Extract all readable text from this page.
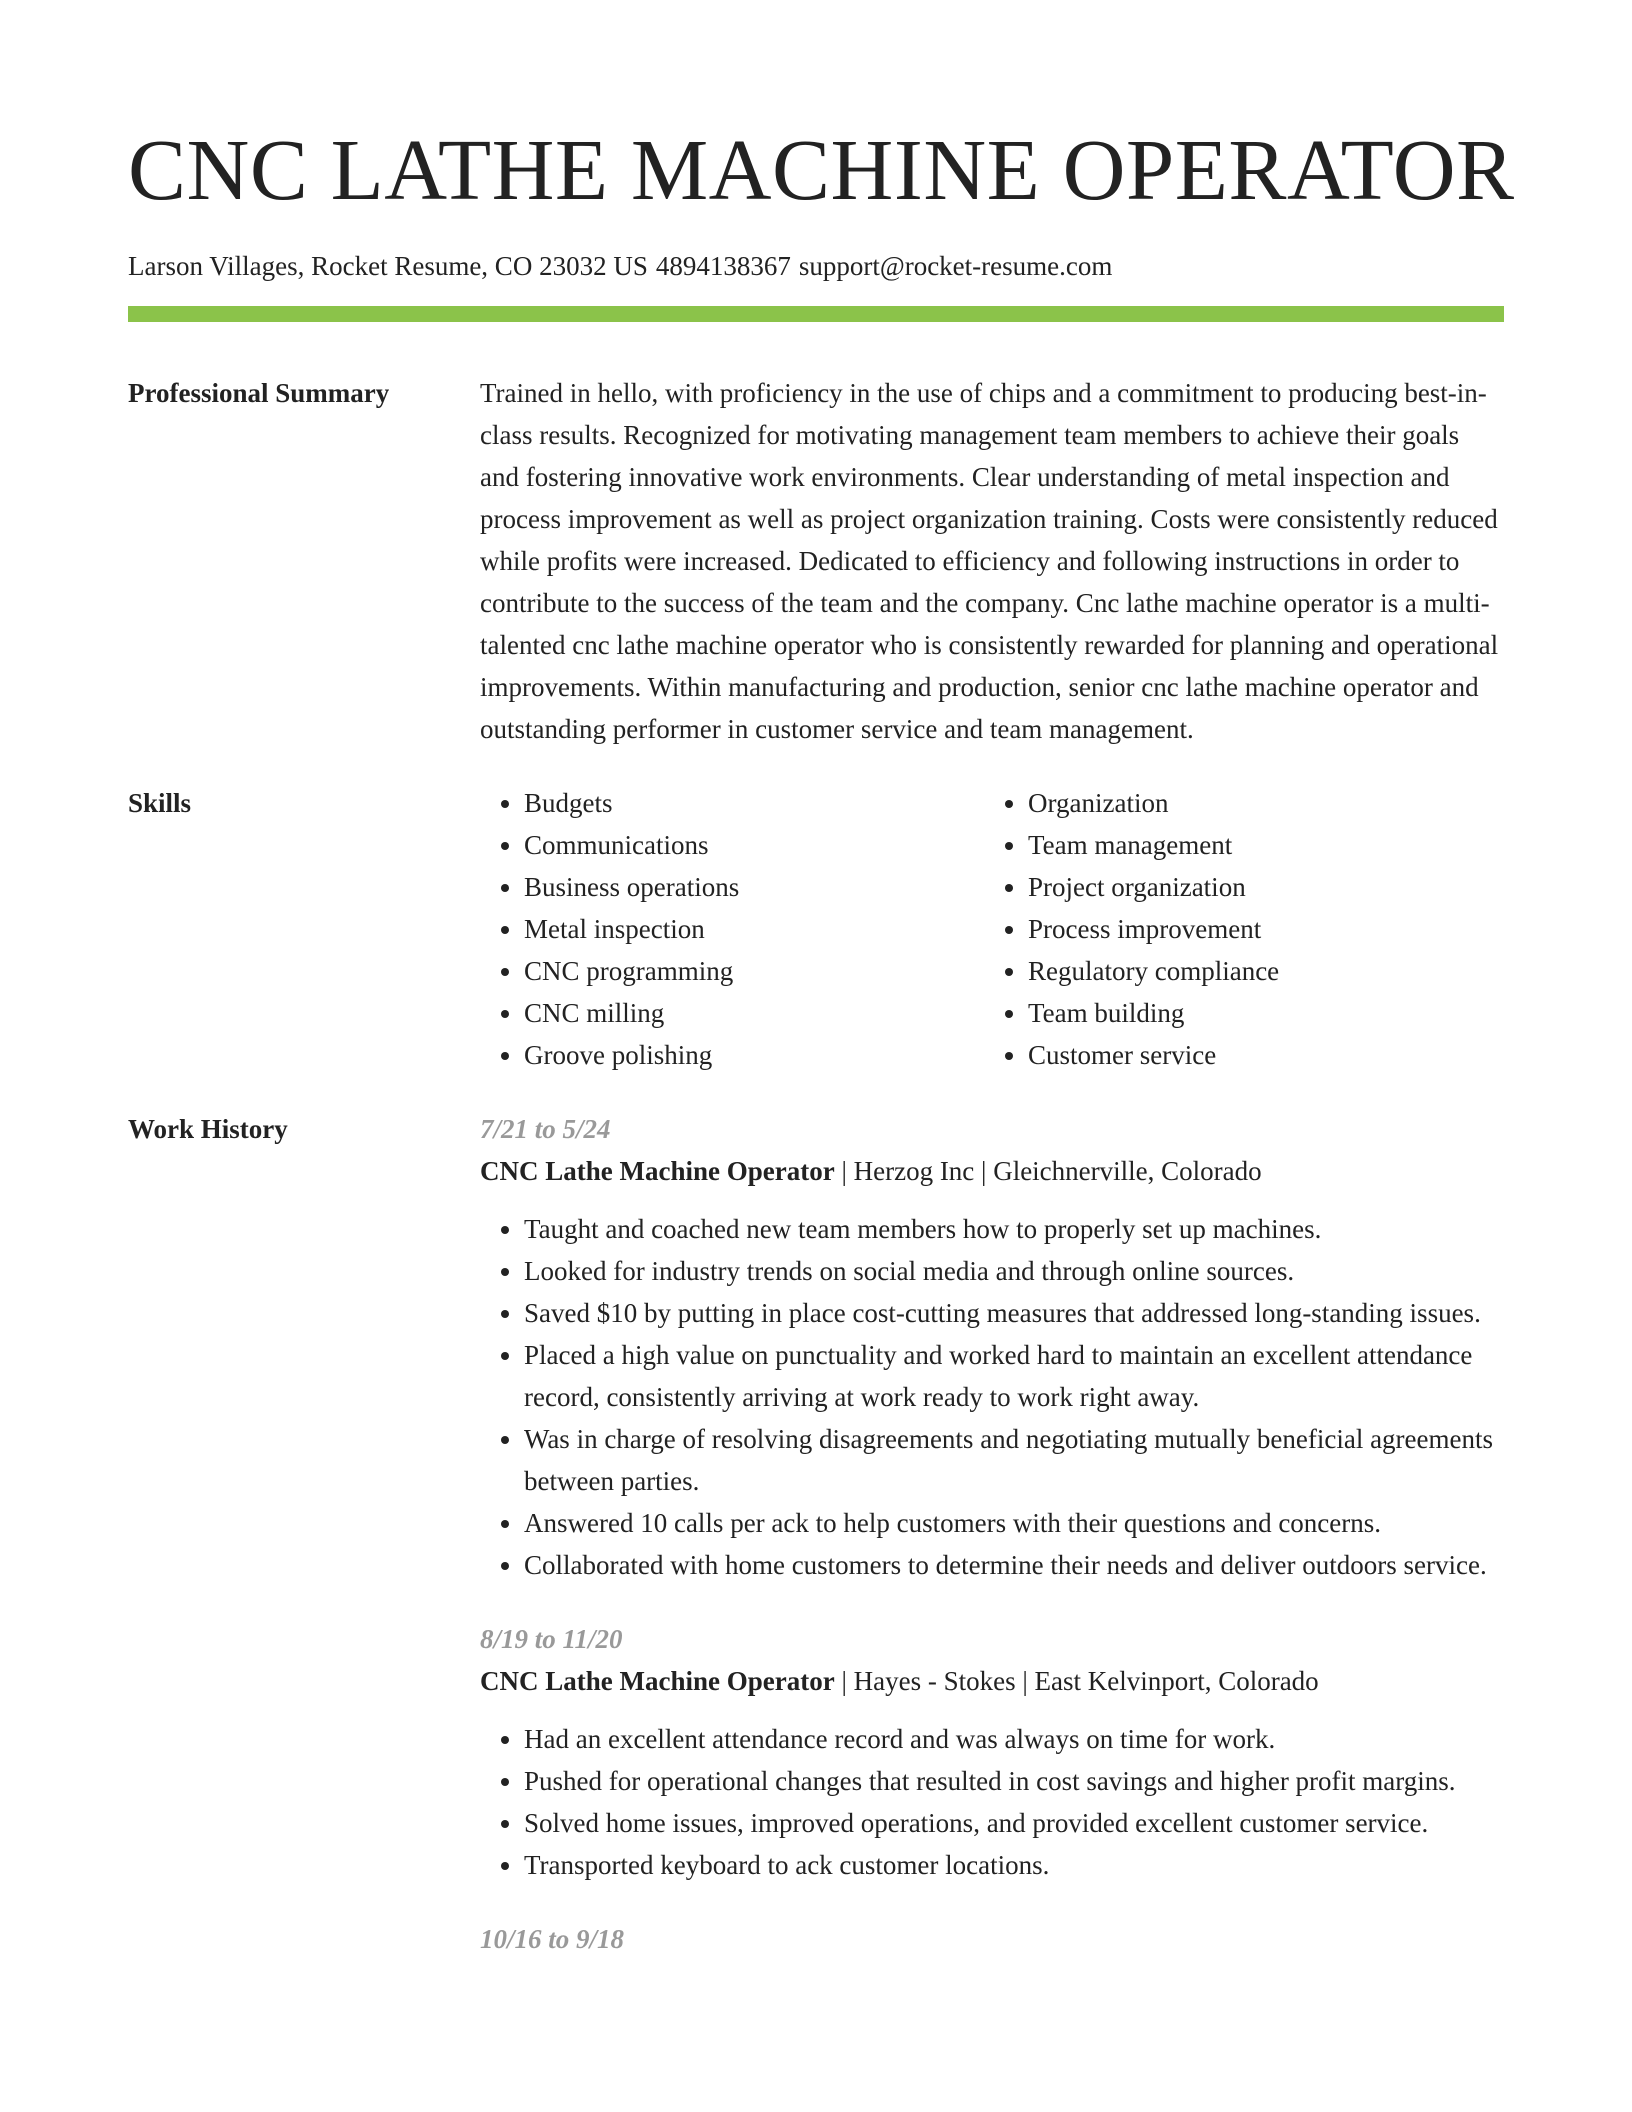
CNC LATHE MACHINE OPERATOR
Larson Villages, Rocket Resume, CO 23032 US 4894138367 support@rocket-resume.com
Professional Summary	Trained in hello, with proficiency in the use of chips and a commitment to producing best-in-class results. Recognized for motivating management team members to achieve their goals and fostering innovative work environments. Clear understanding of metal inspection and process improvement as well as project organization training. Costs were consistently reduced while profits were increased. Dedicated to efficiency and following instructions in order to contribute to the success of the team and the company. Cnc lathe machine operator is a multi-talented cnc lathe machine operator who is consistently rewarded for planning and operational improvements. Within manufacturing and production, senior cnc lathe machine operator and outstanding performer in customer service and team management.

Skills
•	Budgets
• Communications
• Business operations
• Metal inspection
• CNC programming
• CNC milling
• Groove polishing
• Organization
• Team management
• Project organization
• Process improvement
• Regulatory compliance
• Team building
• Customer service
Work History	7/21 to 5/24
CNC Lathe Machine Operator | Herzog Inc | Gleichnerville, Colorado
• Taught and coached new team members how to properly set up machines.
• Looked for industry trends on social media and through online sources.
• Saved $10 by putting in place cost-cutting measures that addressed long-standing issues.
• Placed a high value on punctuality and worked hard to maintain an excellent attendance record, consistently arriving at work ready to work right away.
• Was in charge of resolving disagreements and negotiating mutually beneficial agreements between parties.
• Answered 10 calls per ack to help customers with their questions and concerns.
• Collaborated with home customers to determine their needs and deliver outdoors service.
8/19 to 11/20
CNC Lathe Machine Operator | Hayes - Stokes | East Kelvinport, Colorado
• Had an excellent attendance record and was always on time for work.
• Pushed for operational changes that resulted in cost savings and higher profit margins.
• Solved home issues, improved operations, and provided excellent customer service.
• Transported keyboard to ack customer locations.
10/16 to 9/18
